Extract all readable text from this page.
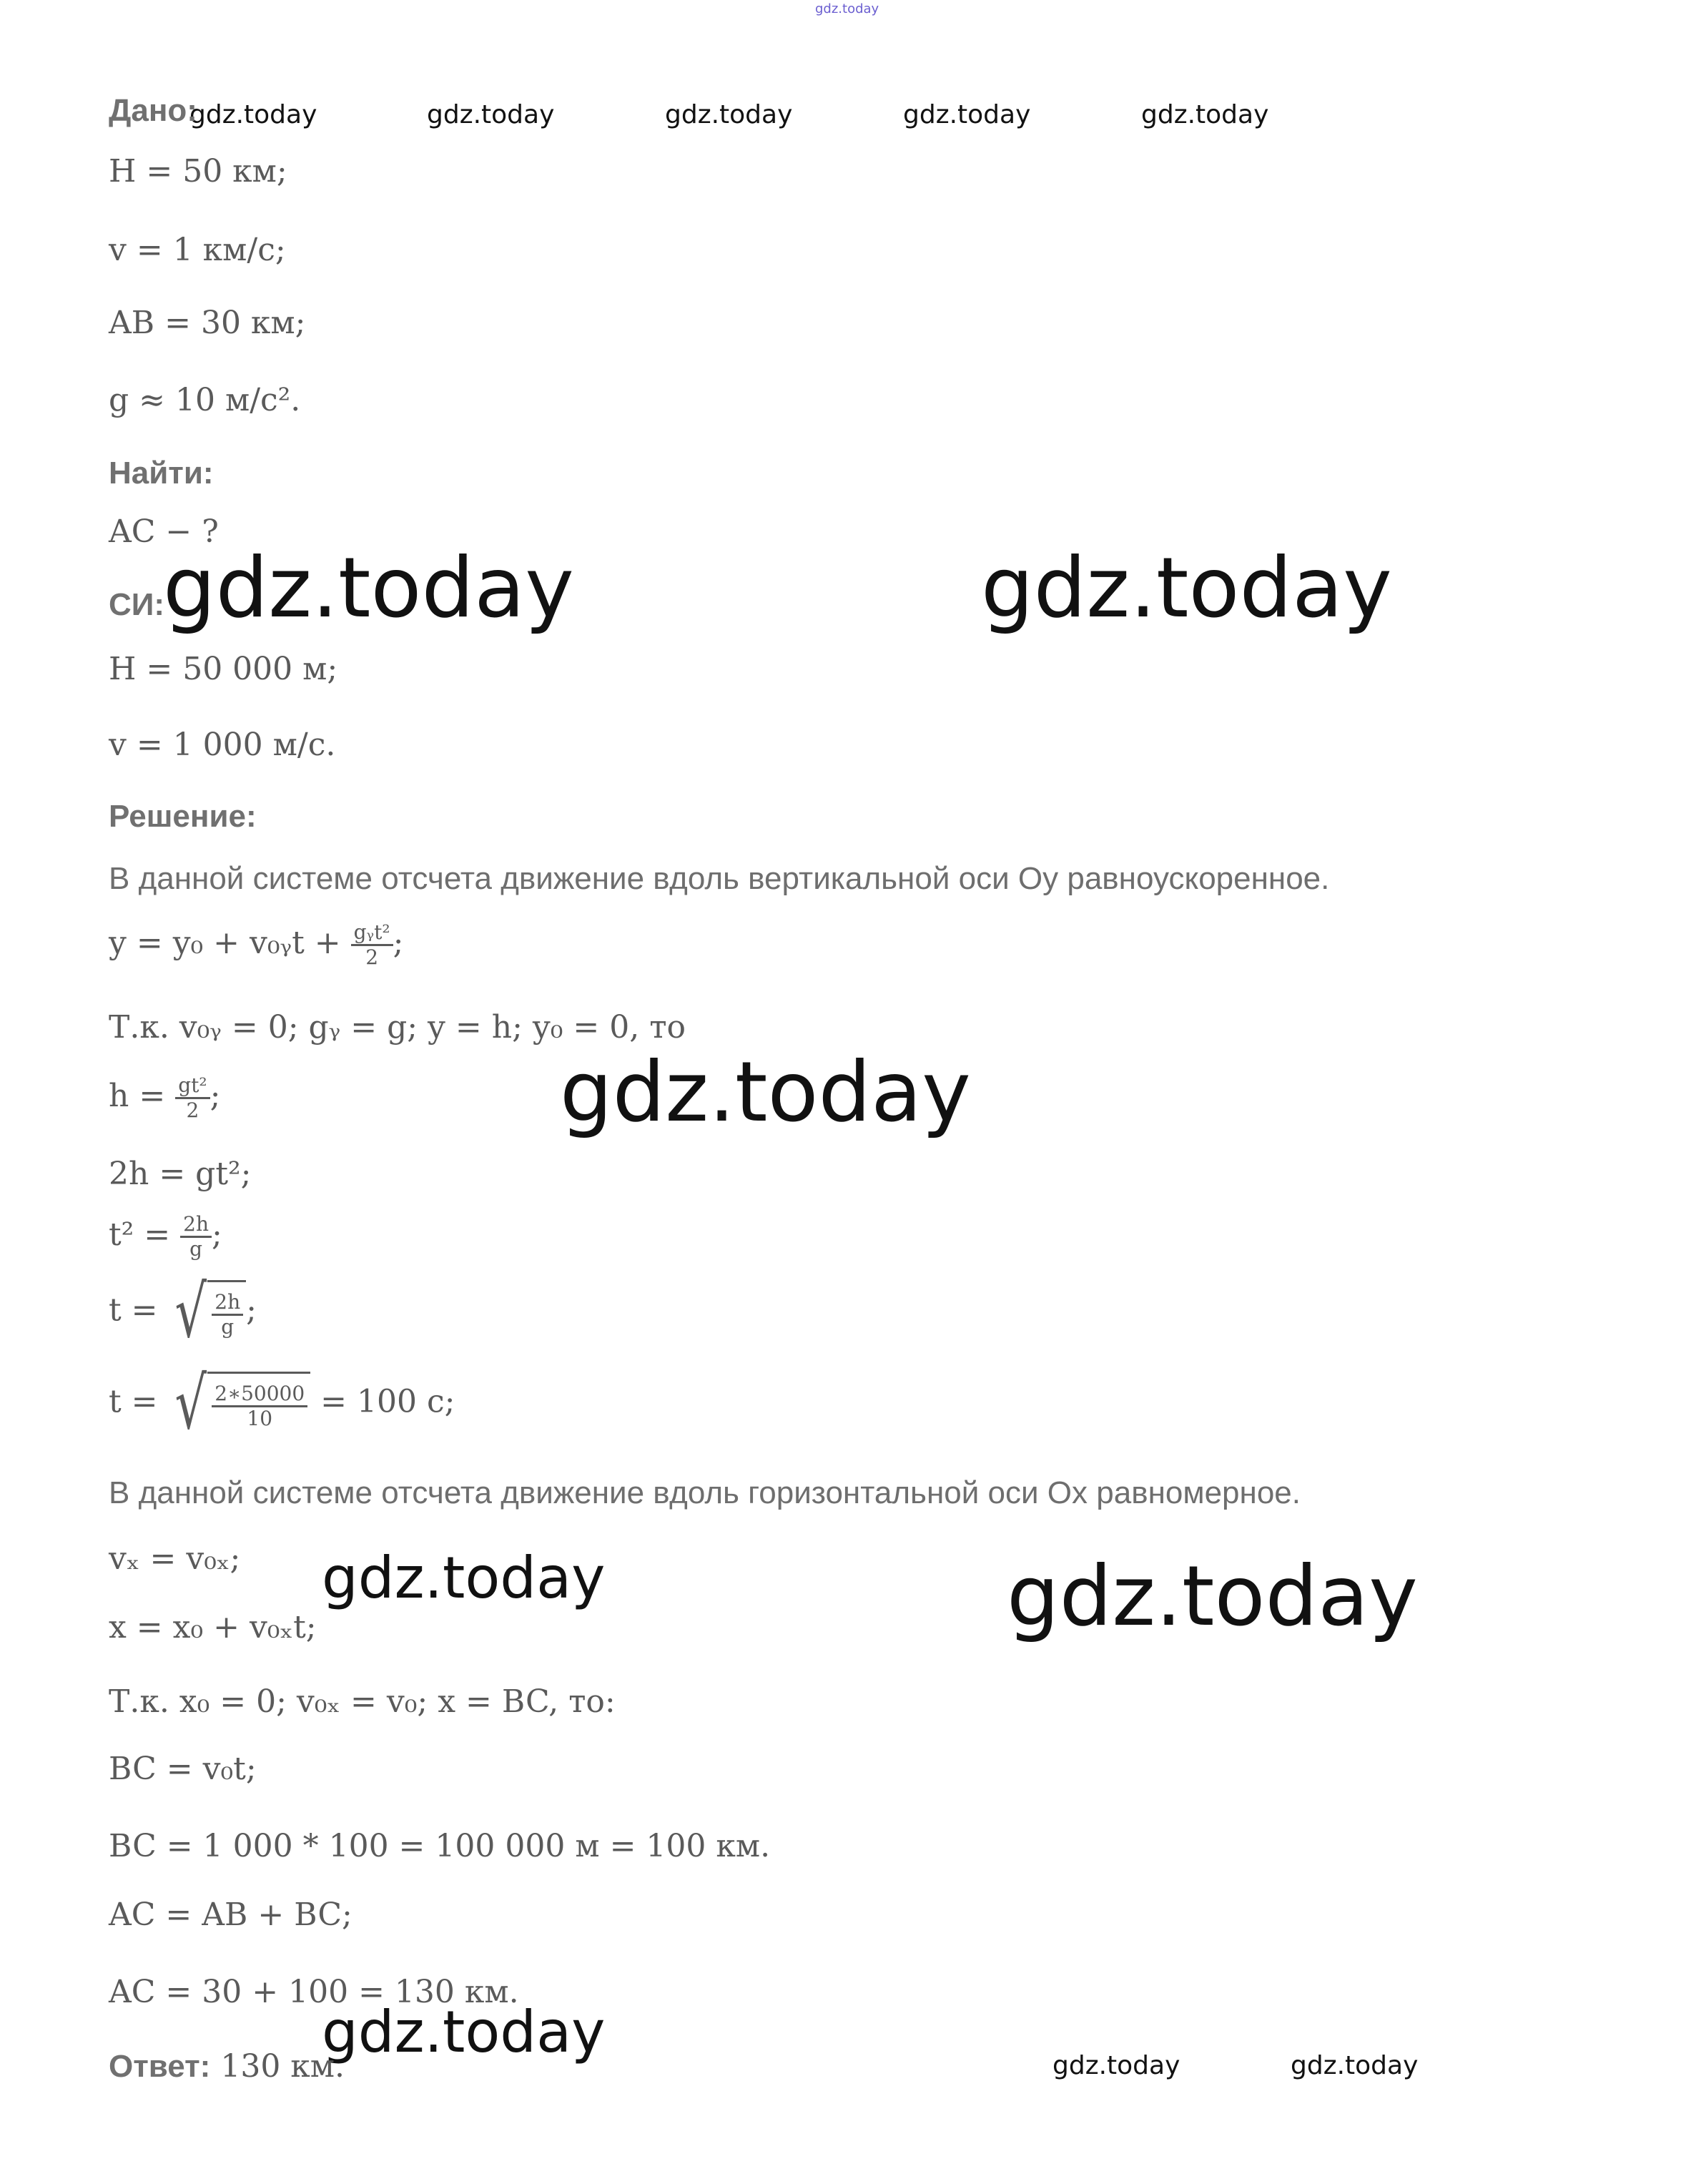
gdz.today
gdz.today	gdz.today	gdz.today	gdz.today	gdz.today
gdz.today	gdz.today
gdz.today
gdz.today	gdz.today
gdz.today
gdz.today	gdz.today
Дано:
H = 50 км;
v = 1 км/с;
AB = 30 км;
g ≈ 10 м/с².
Найти:
AC − ?
СИ:
H = 50 000 м;
v = 1 000 м/с.
Решение:
В данной системе отсчета движение вдоль вертикальной оси Oy равноускоренное.
y = y₀ + v₀ᵧt + $\frac{\text{gᵧt²}}{2}$ ;
Т.к. v₀ᵧ = 0; gᵧ = g; y = h; y₀ = 0, то
$h = \frac{\text{gt²}}{2}$ ;
2h = gt²;
$t^2 = \frac{2h}{g}$ ;
t = √ $\frac{2h}{g}$ ;
t = √ $\frac{2∗50000}{10} = 100$ с;
В данной системе отсчета движение вдоль горизонтальной оси Ox равномерное.
vₓ = v₀ₓ;
x = x₀ + v₀ₓt;
Т.к. x₀ = 0; v₀ₓ = v₀; x = BC, то:
BC = v₀t;
BC = 1 000 * 100 = 100 000 м = 100 км.
AC = AB + BC;
AC = 30 + 100 = 130 км.
Ответ: 130 км.
